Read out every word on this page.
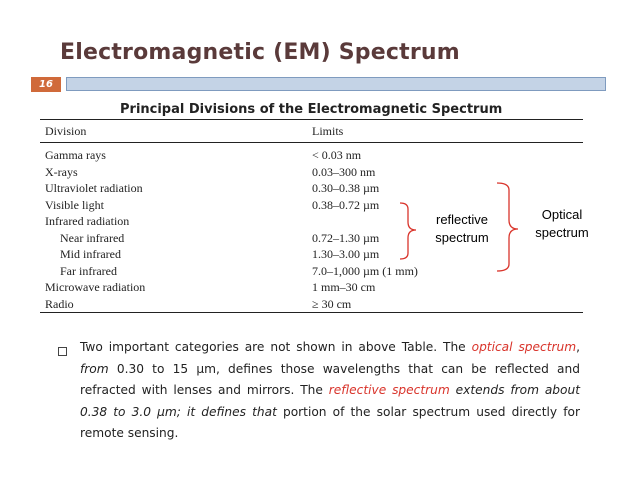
Electromagnetic (EM) Spectrum
16
Principal Divisions of the Electromagnetic Spectrum
Division	Limits
Gamma rays	< 0.03 nm
X-rays	0.03–300 nm
Ultraviolet radiation	0.30–0.38 µm
Visible light	0.38–0.72 µm
Infrared radiation
Near infrared	0.72–1.30 µm
Mid infrared	1.30–3.00 µm
Far infrared	7.0–1,000 µm (1 mm)
Microwave radiation	1 mm–30 cm
Radio	≥ 30 cm
reflective
spectrum
Optical
spectrum
Two important categories are not shown in above Table. The optical spectrum, from 0.30 to 15 µm, defines those wavelengths that can be reflected and refracted with lenses and mirrors. The reflective spectrum extends from about 0.38 to 3.0 µm; it defines that portion of the solar spectrum used directly for remote sensing.
